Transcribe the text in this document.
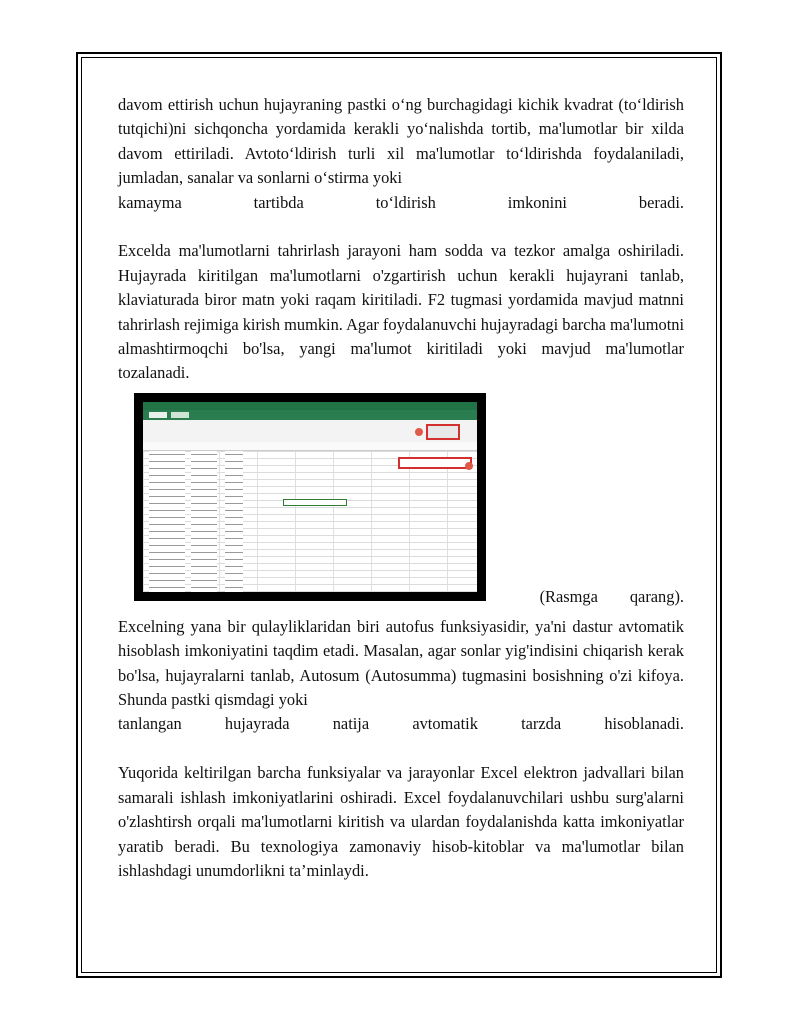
davom ettirish uchun hujayraning pastki o‘ng burchagidagi kichik kvadrat (to‘ldirish tutqichi)ni sichqoncha yordamida kerakli yo‘nalishda tortib, ma'lumotlar bir xilda davom ettiriladi. Avtoto‘ldirish turli xil ma'lumotlar to‘ldirishda foydalaniladi, jumladan, sanalar va sonlarni o‘stirma yoki
kamayma tartibda to‘ldirish imkonini beradi.

Excelda ma'lumotlarni tahrirlash jarayoni ham sodda va tezkor amalga oshiriladi. Hujayrada kiritilgan ma'lumotlarni o'zgartirish uchun kerakli hujayrani tanlab, klaviaturada biror matn yoki raqam kiritiladi. F2 tugmasi yordamida mavjud matnni tahrirlash rejimiga kirish mumkin. Agar foydalanuvchi hujayradagi barcha ma'lumotni almashtirmoqchi bo'lsa, yangi ma'lumot kiritiladi yoki mavjud ma'lumotlar tozalanadi.

(Rasmga qarang).

Excelning yana bir qulayliklaridan biri autofus funksiyasidir, ya'ni dastur avtomatik hisoblash imkoniyatini taqdim etadi. Masalan, agar sonlar yig'indisini chiqarish kerak bo'lsa, hujayralarni tanlab, Autosum (Autosumma) tugmasini bosishning o'zi kifoya. Shunda pastki qismdagi yoki
tanlangan hujayrada natija avtomatik tarzda hisoblanadi.

Yuqorida keltirilgan barcha funksiyalar va jarayonlar Excel elektron jadvallari bilan samarali ishlash imkoniyatlarini oshiradi. Excel foydalanuvchilari ushbu surg'alarni o'zlashtirsh orqali ma'lumotlarni kiritish va ulardan foydalanishda katta imkoniyatlar yaratib beradi. Bu texnologiya zamonaviy hisob-kitoblar va ma'lumotlar bilan ishlashdagi unumdorlikni ta’minlaydi.
